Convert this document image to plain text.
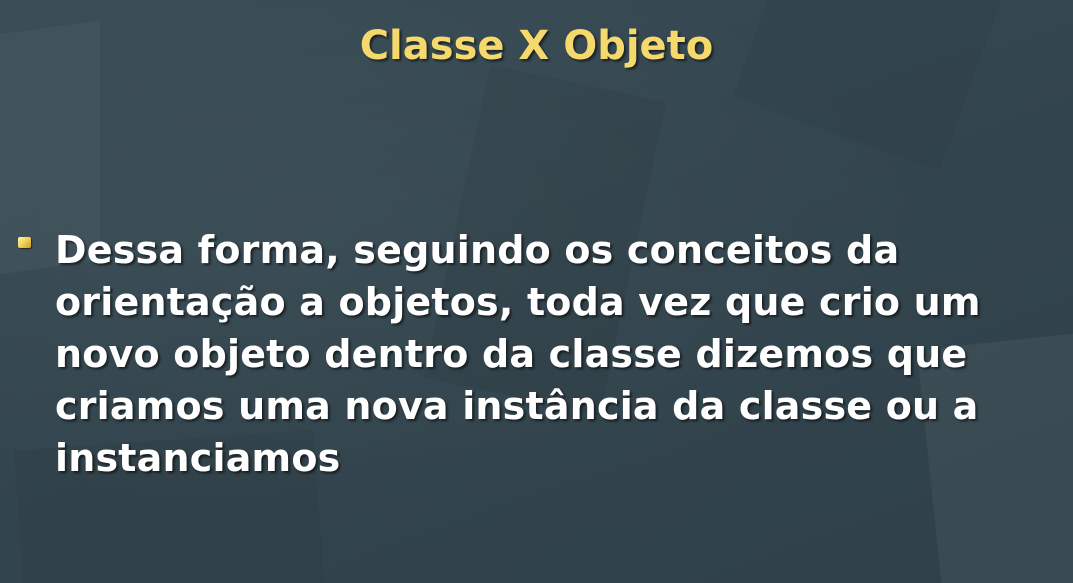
Classe X Objeto

Dessa forma, seguindo os conceitos da orientação a objetos, toda vez que crio um novo objeto dentro da classe dizemos que criamos uma nova instância da classe ou a instanciamos
